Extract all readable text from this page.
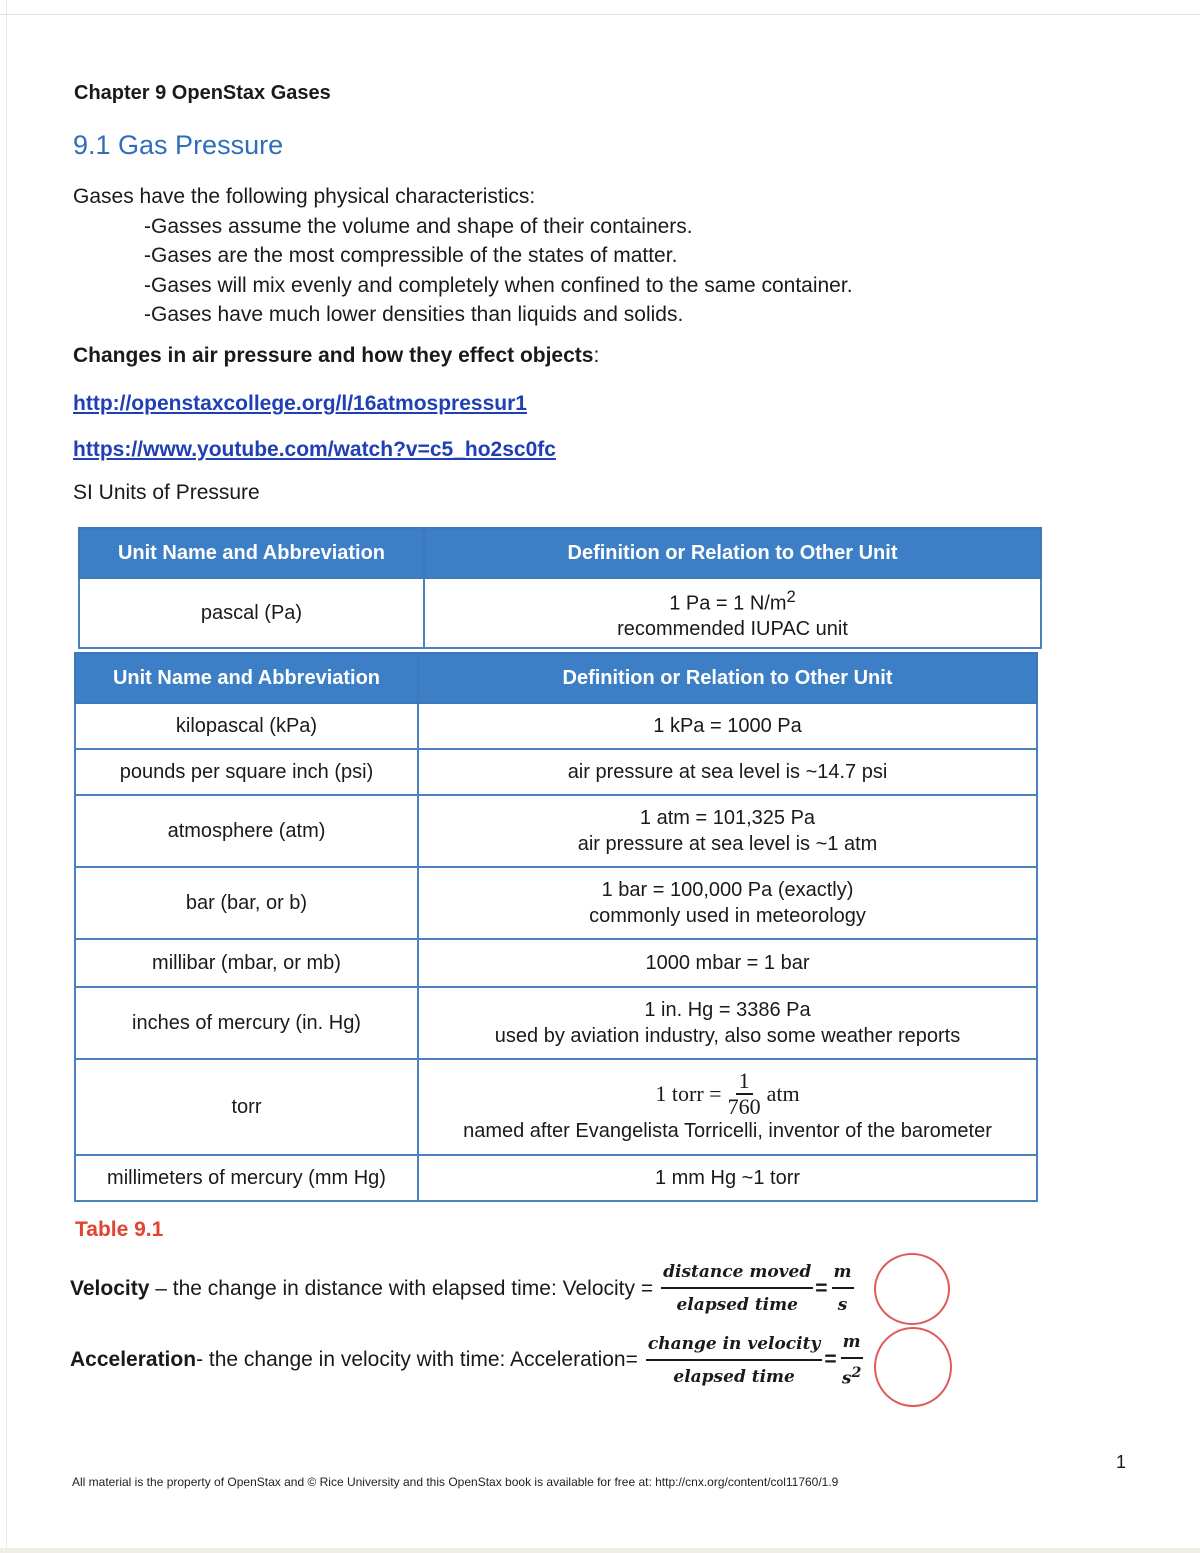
Chapter 9 OpenStax Gases
9.1 Gas Pressure
Gases have the following physical characteristics:
-Gasses assume the volume and shape of their containers.
-Gases are the most compressible of the states of matter.
-Gases will mix evenly and completely when confined to the same container.
-Gases have much lower densities than liquids and solids.
Changes in air pressure and how they effect objects:
http://openstaxcollege.org/l/16atmospressur1
https://www.youtube.com/watch?v=c5_ho2sc0fc
SI Units of Pressure
Unit Name and Abbreviation	Definition or Relation to Other Unit
pascal (Pa)	1 Pa = 1 $N/m^2$
recommended IUPAC unit
Unit Name and Abbreviation	Definition or Relation to Other Unit
kilopascal (kPa)	1 kPa = 1000 Pa

pounds per square inch (psi)	air pressure at sea level is ~14.7 psi

atmosphere (atm)	1 atm = 101,325 Pa
air pressure at sea level is ~1 atm

bar (bar, or b)	1 bar = 100,000 Pa (exactly)
commonly used in meteorology

millibar (mbar, or mb)	1000 mbar = 1 bar

inches of mercury (in. Hg)	1 in. Hg = 3386 Pa
used by aviation industry, also some weather reports

torr	1 torr = $\frac{1}{760}$ atm
named after Evangelista Torricelli, inventor of the barometer

millimeters of mercury (mm Hg)	1 mm Hg ~1 torr
Table 9.1
Velocity – the change in distance with elapsed time: Velocity =
distance moved
elapsed time
= $\frac{m}{s}$
Acceleration - the change in velocity with time: Acceleration=
change in velocity
elapsed time
= $\frac{m}{s^2}$
1
All material is the property of OpenStax and © Rice University and this OpenStax book is available for free at: http://cnx.org/content/col11760/1.9
